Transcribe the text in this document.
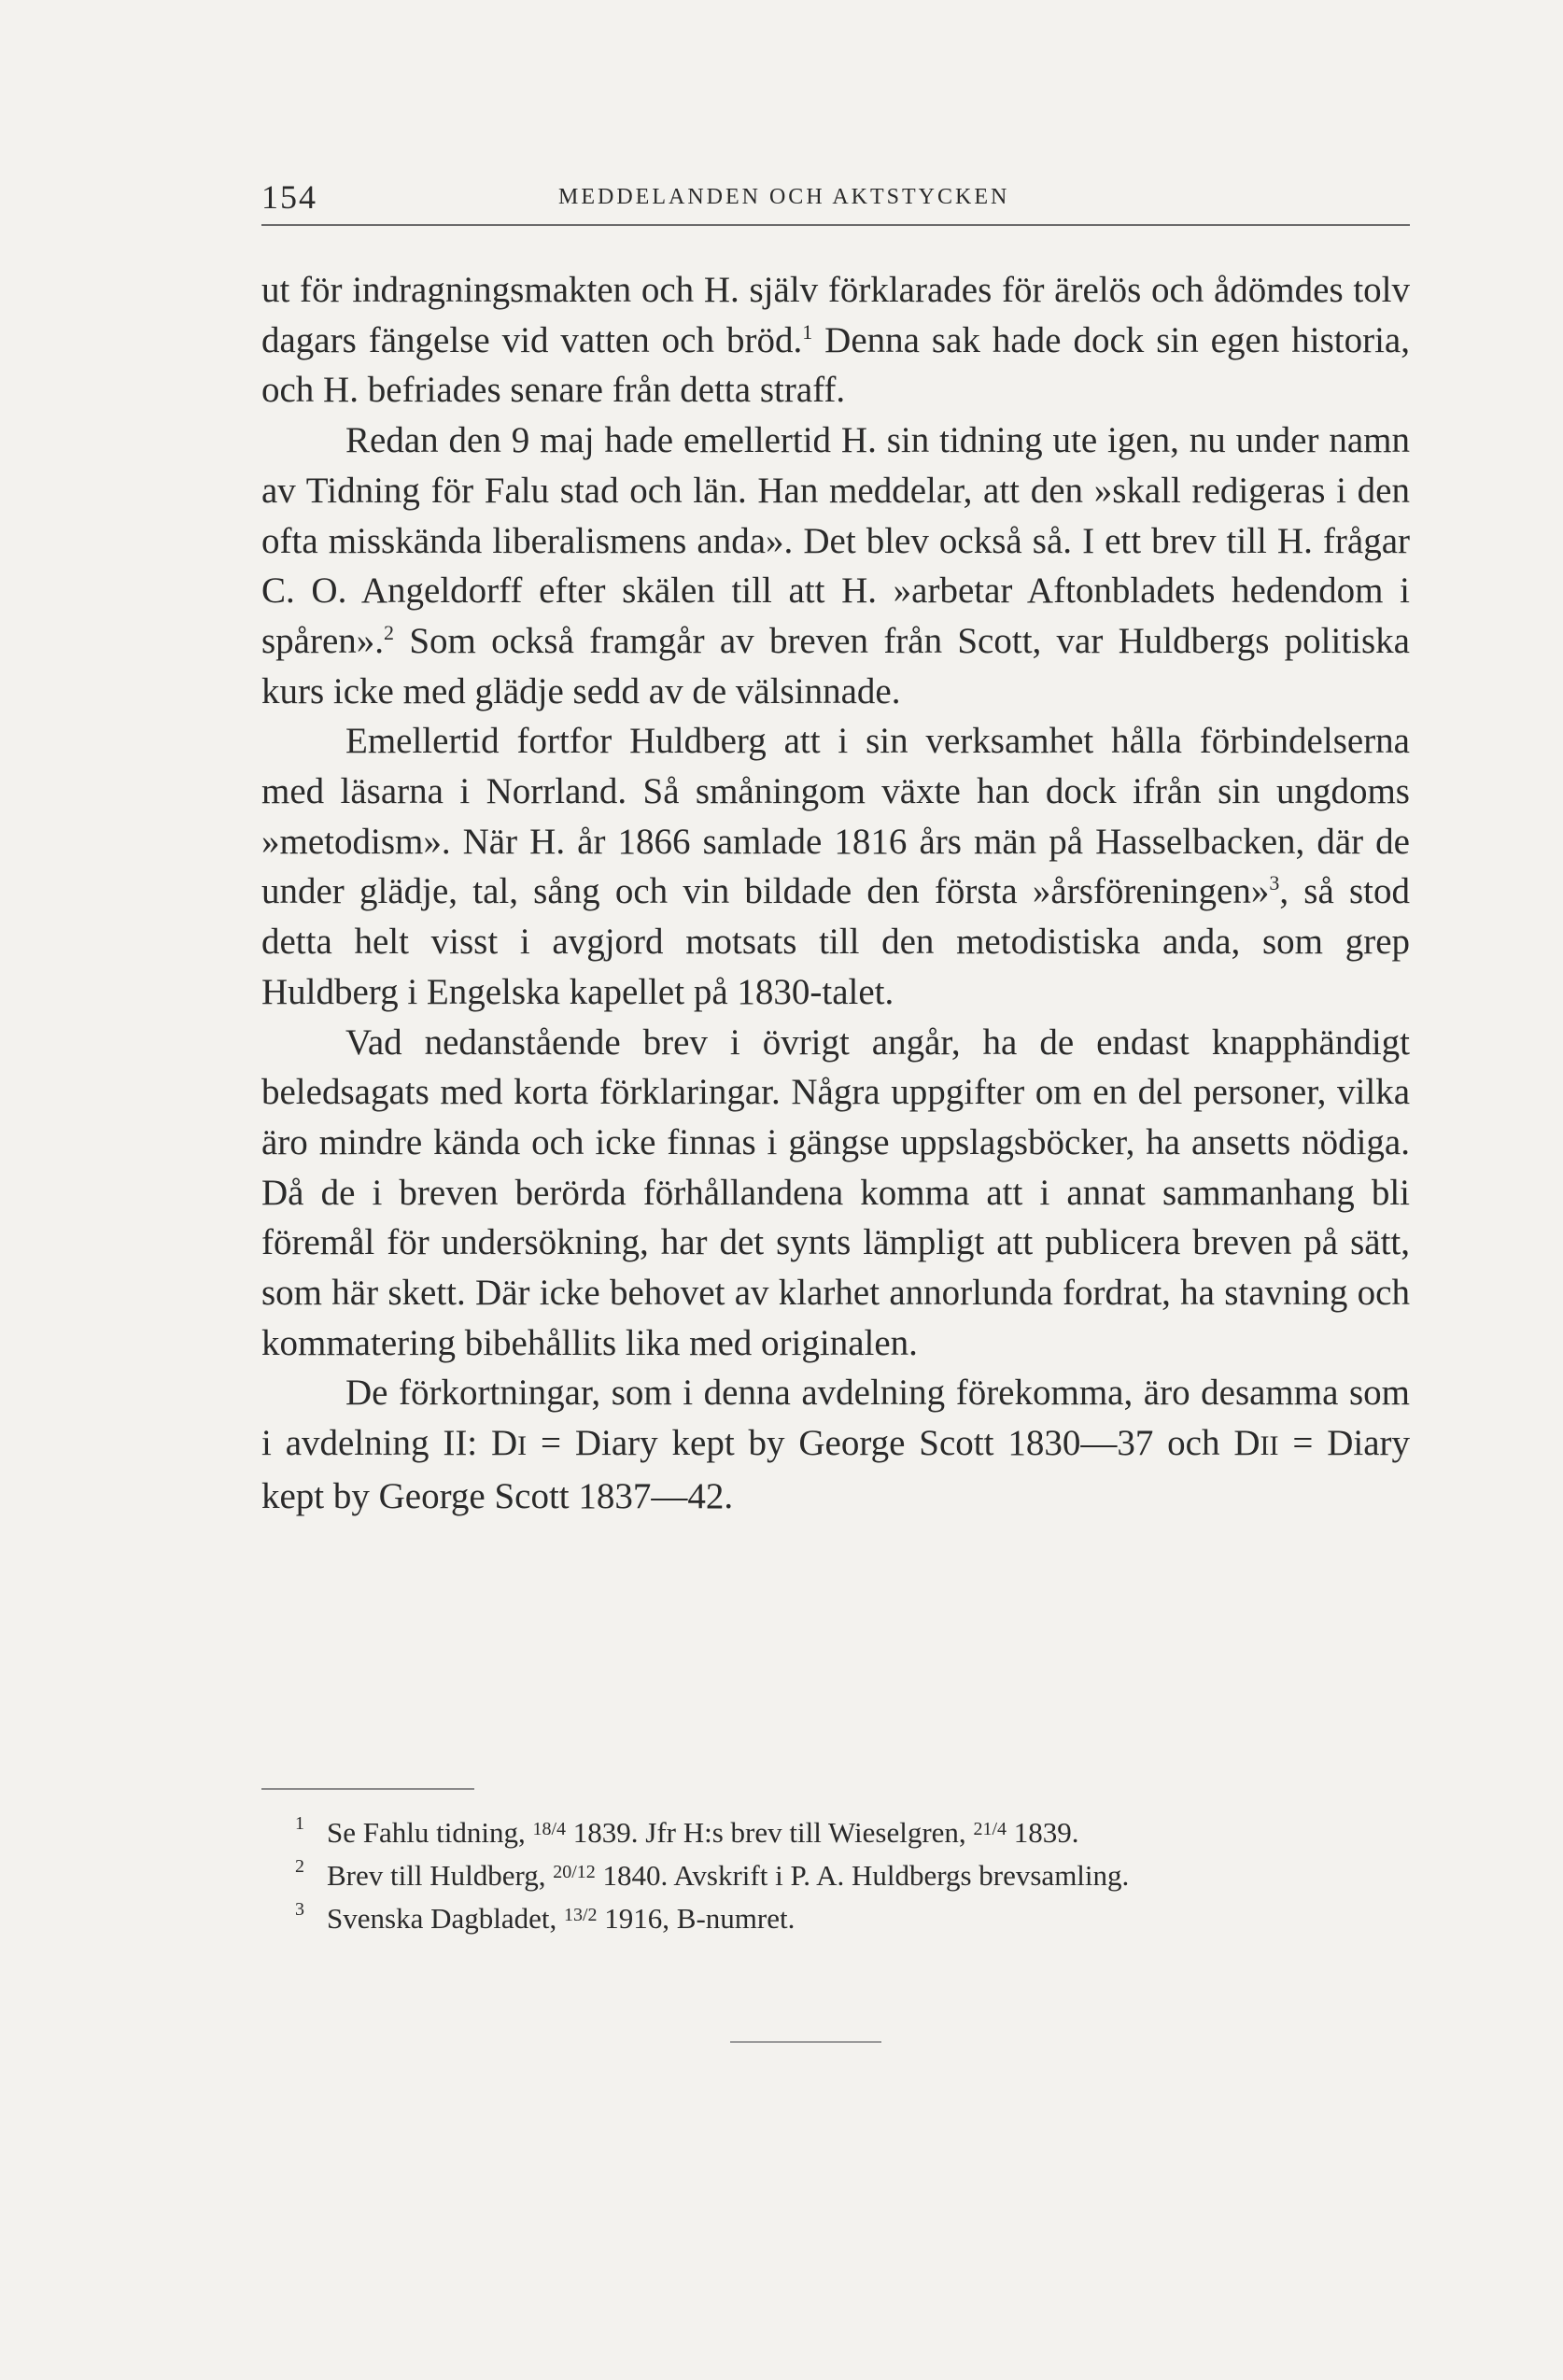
154	MEDDELANDEN OCH AKTSTYCKEN

ut för indragningsmakten och H. själv förklarades för ärelös och ådömdes tolv dagars fängelse vid vatten och bröd.$^1$ Denna sak hade dock sin egen historia, och H. befriades senare från detta straff.

Redan den 9 maj hade emellertid H. sin tidning ute igen, nu under namn av Tidning för Falu stad och län. Han meddelar, att den »skall redigeras i den ofta misskända liberalismens anda». Det blev också så. I ett brev till H. frågar C. O. Angeldorff efter skälen till att H. »arbetar Aftonbladets hedendom i spåren».$^2$ Som också framgår av breven från Scott, var Huldbergs politiska kurs icke med glädje sedd av de välsinnade.

Emellertid fortfor Huldberg att i sin verksamhet hålla förbindelserna med läsarna i Norrland. Så småningom växte han dock ifrån sin ungdoms »metodism». När H. år 1866 samlade 1816 års män på Hasselbacken, där de under glädje, tal, sång och vin bildade den första »årsföreningen»$^3$, så stod detta helt visst i avgjord motsats till den metodistiska anda, som grep Huldberg i Engelska kapellet på 1830-talet.

Vad nedanstående brev i övrigt angår, ha de endast knapphändigt beledsagats med korta förklaringar. Några uppgifter om en del personer, vilka äro mindre kända och icke finnas i gängse uppslagsböcker, ha ansetts nödiga. Då de i breven berörda förhållandena komma att i annat sammanhang bli föremål för undersökning, har det synts lämpligt att publicera breven på sätt, som här skett. Där icke behovet av klarhet annorlunda fordrat, ha stavning och kommatering bibehållits lika med originalen.

De förkortningar, som i denna avdelning förekomma, äro desamma som i avdelning II: DI = Diary kept by George Scott 1830—37 och DII = Diary kept by George Scott 1837—42.

1 Se Fahlu tidning, $^{18/4}$ 1839. Jfr H:s brev till Wieselgren, $^{21/4}$ 1839.
2 Brev till Huldberg, $^{20/12}$ 1840. Avskrift i P. A. Huldbergs brevsamling.
3 Svenska Dagbladet, $^{13/2}$ 1916, B-numret.
